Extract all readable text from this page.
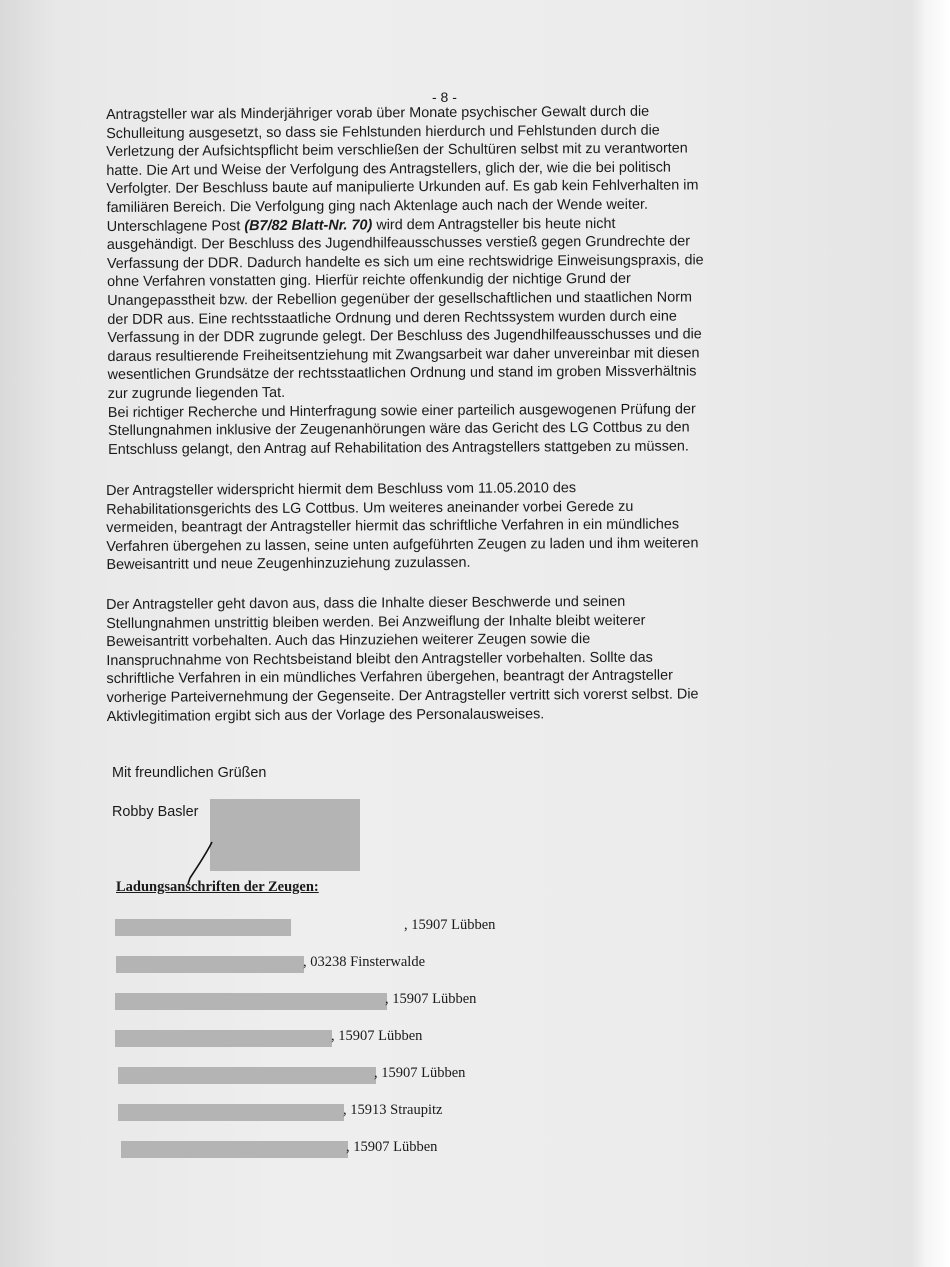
- 8 -
Antragsteller war als Minderjähriger vorab über Monate psychischer Gewalt durch die
Schulleitung ausgesetzt, so dass sie Fehlstunden hierdurch und Fehlstunden durch die
Verletzung der Aufsichtspflicht beim verschließen der Schultüren selbst mit zu verantworten
hatte. Die Art und Weise der Verfolgung des Antragstellers, glich der, wie die bei politisch
Verfolgter. Der Beschluss baute auf manipulierte Urkunden auf. Es gab kein Fehlverhalten im
familiären Bereich. Die Verfolgung ging nach Aktenlage auch nach der Wende weiter.
Unterschlagene Post (B7/82 Blatt-Nr. 70) wird dem Antragsteller bis heute nicht
ausgehändigt. Der Beschluss des Jugendhilfeausschusses verstieß gegen Grundrechte der
Verfassung der DDR. Dadurch handelte es sich um eine rechtswidrige Einweisungspraxis, die
ohne Verfahren vonstatten ging. Hierfür reichte offenkundig der nichtige Grund der
Unangepasstheit bzw. der Rebellion gegenüber der gesellschaftlichen und staatlichen Norm
der DDR aus. Eine rechtsstaatliche Ordnung und deren Rechtssystem wurden durch eine
Verfassung in der DDR zugrunde gelegt. Der Beschluss des Jugendhilfeausschusses und die
daraus resultierende Freiheitsentziehung mit Zwangsarbeit war daher unvereinbar mit diesen
wesentlichen Grundsätze der rechtsstaatlichen Ordnung und stand im groben Missverhältnis
zur zugrunde liegenden Tat.
Bei richtiger Recherche und Hinterfragung sowie einer parteilich ausgewogenen Prüfung der
Stellungnahmen inklusive der Zeugenanhörungen wäre das Gericht des LG Cottbus zu den
Entschluss gelangt, den Antrag auf Rehabilitation des Antragstellers stattgeben zu müssen.
Der Antragsteller widerspricht hiermit dem Beschluss vom 11.05.2010 des
Rehabilitationsgerichts des LG Cottbus. Um weiteres aneinander vorbei Gerede zu
vermeiden, beantragt der Antragsteller hiermit das schriftliche Verfahren in ein mündliches
Verfahren übergehen zu lassen, seine unten aufgeführten Zeugen zu laden und ihm weiteren
Beweisantritt und neue Zeugenhinzuziehung zuzulassen.
Der Antragsteller geht davon aus, dass die Inhalte dieser Beschwerde und seinen
Stellungnahmen unstrittig bleiben werden. Bei Anzweiflung der Inhalte bleibt weiterer
Beweisantritt vorbehalten. Auch das Hinzuziehen weiterer Zeugen sowie die
Inanspruchnahme von Rechtsbeistand bleibt den Antragsteller vorbehalten. Sollte das
schriftliche Verfahren in ein mündliches Verfahren übergehen, beantragt der Antragsteller
vorherige Parteivernehmung der Gegenseite. Der Antragsteller vertritt sich vorerst selbst. Die
Aktivlegitimation ergibt sich aus der Vorlage des Personalausweises.
Mit freundlichen Grüßen
Robby Basler
Ladungsanschriften der Zeugen:
, 15907 Lübben
, 03238 Finsterwalde
, 15907 Lübben
, 15907 Lübben
, 15907 Lübben
, 15913 Straupitz
, 15907 Lübben
